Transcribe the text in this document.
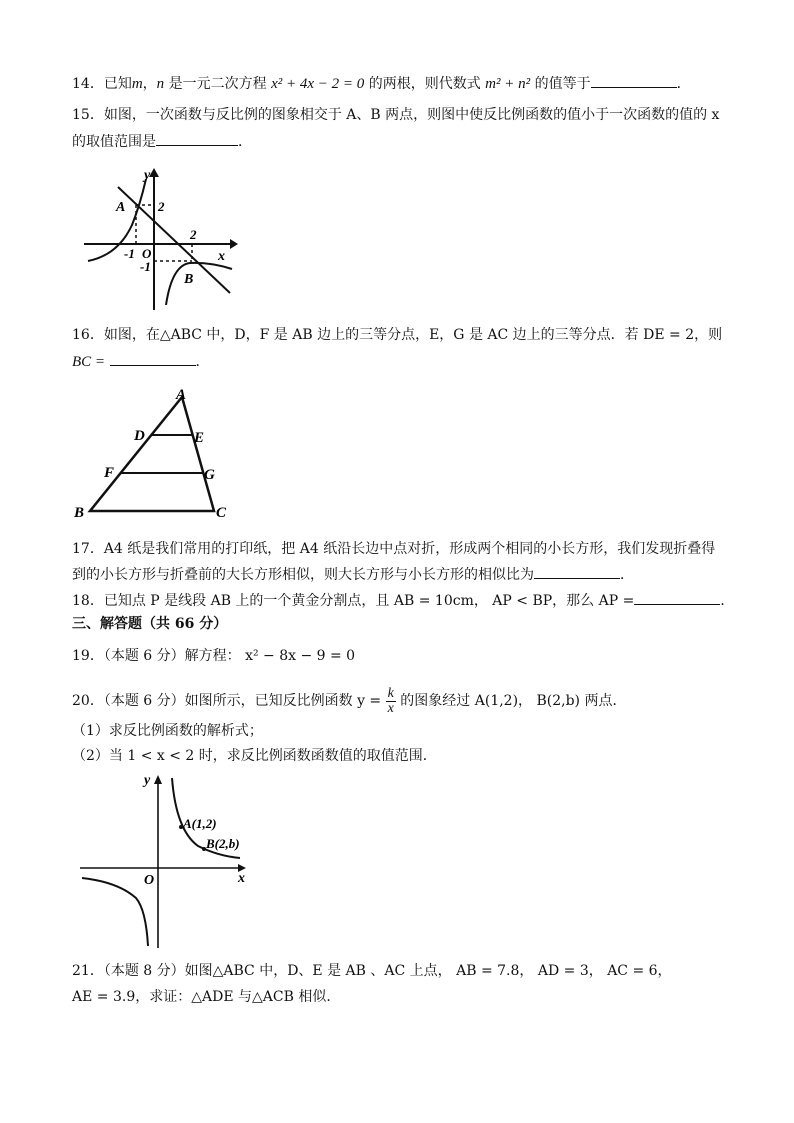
14．已知m，n 是一元二次方程 x² + 4x − 2 = 0 的两根，则代数式 m² + n² 的值等于	．
15．如图，一次函数与反比例的图象相交于 A、B 两点，则图中使反比例函数的值小于一次函数的值的 x
的取值范围是	．
y
x
A	2
2
-1 O
-1
B
16．如图，在△ABC 中，D，F 是 AB 边上的三等分点，E，G 是 AC 边上的三等分点．若 DE = 2，则
BC =	．
A
D	E
F	G
B	C
17．A4 纸是我们常用的打印纸，把 A4 纸沿长边中点对折，形成两个相同的小长方形，我们发现折叠得
到的小长方形与折叠前的大长方形相似，则大长方形与小长方形的相似比为	．
18．已知点 P 是线段 AB 上的一个黄金分割点，且 AB = 10cm， AP < BP，那么 AP =	．
三、解答题（共 66 分）
19．（本题 6 分）解方程： x² − 8x − 9 = 0
20．（本题 6 分）如图所示，已知反比例函数 $y = \frac{k}{x}$ 的图象经过 A(1,2)， B(2,b) 两点．
（1）求反比例函数的解析式；
（2）当 1 < x < 2 时，求反比例函数函数值的取值范围．
y
x
O
A(1,2)
B(2,b)
21．（本题 8 分）如图△ABC 中，D、E 是 AB 、AC 上点， AB = 7.8， AD = 3， AC = 6，
AE = 3.9，求证：△ADE 与△ACB 相似．
